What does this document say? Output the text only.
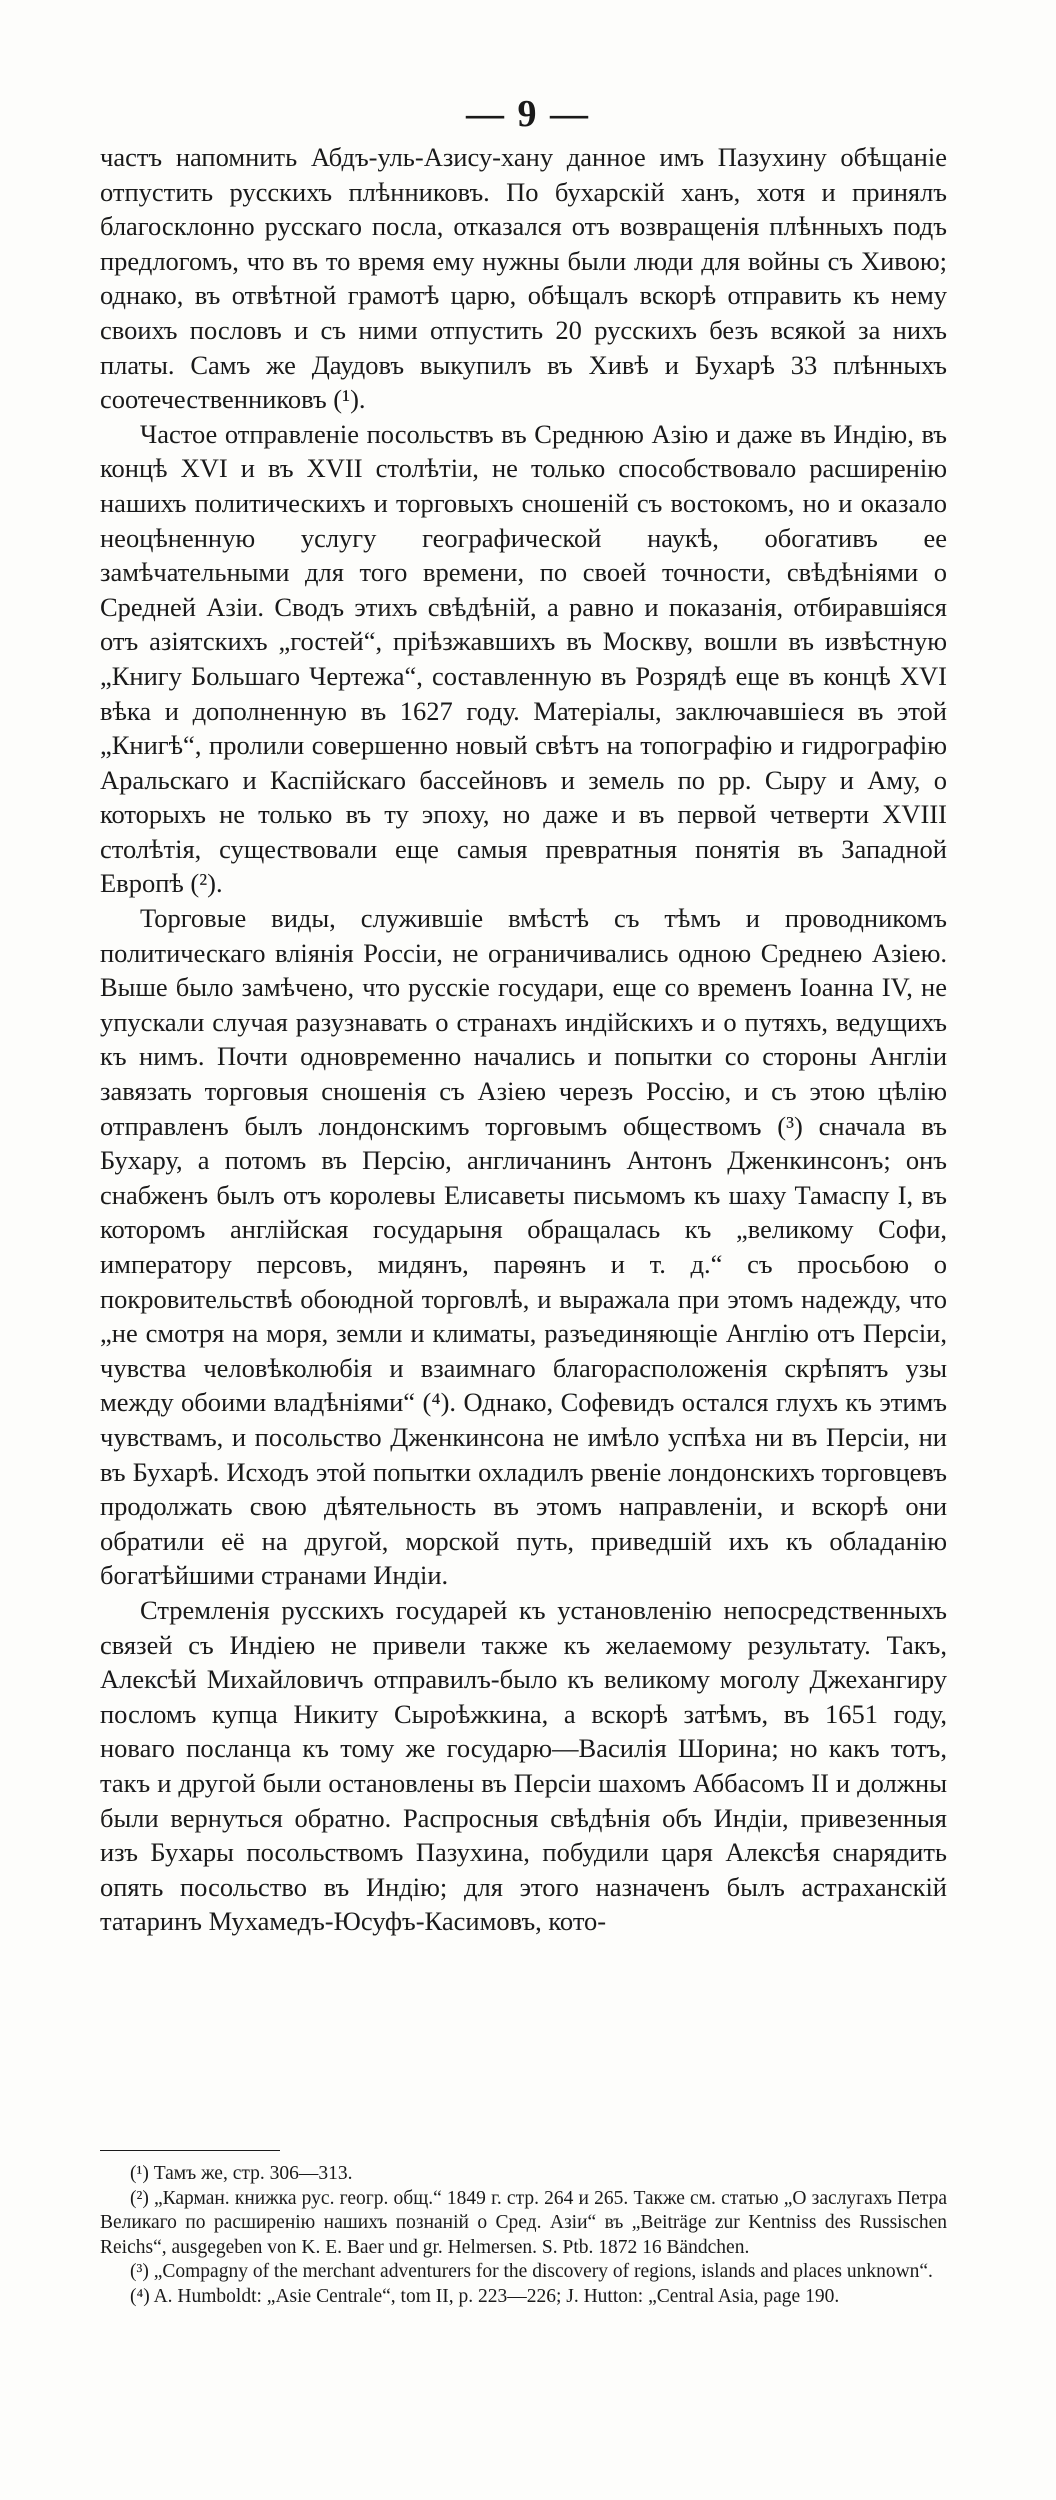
— 9 —

частъ напомнить Абдъ-уль-Азису-хану данное имъ Пазухину обѣщаніе отпустить русскихъ плѣнниковъ. По бухарскій ханъ, хотя и принялъ благосклонно русскаго посла, отказался отъ возвращенія плѣнныхъ подъ предлогомъ, что въ то время ему нужны были люди для войны съ Хивою; однако, въ отвѣтной грамотѣ царю, обѣщалъ вскорѣ отправить къ нему своихъ пословъ и съ ними отпустить 20 русскихъ безъ всякой за нихъ платы. Самъ же Даудовъ выкупилъ въ Хивѣ и Бухарѣ 33 плѣнныхъ соотечественниковъ (¹).

Частое отправленіе посольствъ въ Среднюю Азію и даже въ Индію, въ концѣ XVI и въ XVII столѣтіи, не только способствовало расширенію нашихъ политическихъ и торговыхъ сношеній съ востокомъ, но и оказало неоцѣненную услугу географической наукѣ, обогативъ ее замѣчательными для того времени, по своей точности, свѣдѣніями о Средней Азіи. Сводъ этихъ свѣдѣній, а равно и показанія, отбиравшіяся отъ азіятскихъ „гостей“, пріѣзжавшихъ въ Москву, вошли въ извѣстную „Книгу Большаго Чертежа“, составленную въ Розрядѣ еще въ концѣ XVI вѣка и дополненную въ 1627 году. Матеріалы, заключавшіеся въ этой „Книгѣ“, пролили совершенно новый свѣтъ на топографію и гидрографію Аральскаго и Каспійскаго бассейновъ и земель по рр. Сыру и Аму, о которыхъ не только въ ту эпоху, но даже и въ первой четверти XVIII столѣтія, существовали еще самыя превратныя понятія въ Западной Европѣ (²).

Торговые виды, служившіе вмѣстѣ съ тѣмъ и проводникомъ политическаго вліянія Россіи, не ограничивались одною Среднею Азіею. Выше было замѣчено, что русскіе государи, еще со временъ Іоанна IV, не упускали случая разузнавать о странахъ индійскихъ и о путяхъ, ведущихъ къ нимъ. Почти одновременно начались и попытки со стороны Англіи завязать торговыя сношенія съ Азіею черезъ Россію, и съ этою цѣлію отправленъ былъ лондонскимъ торговымъ обществомъ (³) сначала въ Бухару, а потомъ въ Персію, англичанинъ Антонъ Дженкинсонъ; онъ снабженъ былъ отъ королевы Елисаветы письмомъ къ шаху Тамаспу I, въ которомъ англійская государыня обращалась къ „великому Софи, императору персовъ, мидянъ, парѳянъ и т. д.“ съ просьбою о покровительствѣ обоюдной торговлѣ, и выражала при этомъ надежду, что „не смотря на моря, земли и климаты, разъединяющіе Англію отъ Персіи, чувства человѣколюбія и взаимнаго благорасположенія скрѣпятъ узы между обоими владѣніями“ (⁴). Однако, Софевидъ остался глухъ къ этимъ чувствамъ, и посольство Дженкинсона не имѣло успѣха ни въ Персіи, ни въ Бухарѣ. Исходъ этой попытки охладилъ рвеніе лондонскихъ торговцевъ продолжать свою дѣятельность въ этомъ направленіи, и вскорѣ они обратили её на другой, морской путь, приведшій ихъ къ обладанію богатѣйшими странами Индіи.

Стремленія русскихъ государей къ установленію непосредственныхъ связей съ Индіею не привели также къ желаемому результату. Такъ, Алексѣй Михайловичъ отправилъ-было къ великому моголу Джехангиру посломъ купца Никиту Сыроѣжкина, а вскорѣ затѣмъ, въ 1651 году, новаго посланца къ тому же государю—Василія Шорина; но какъ тотъ, такъ и другой были остановлены въ Персіи шахомъ Аббасомъ II и должны были вернуться обратно. Распросныя свѣдѣнія объ Индіи, привезенныя изъ Бухары посольствомъ Пазухина, побудили царя Алексѣя снарядить опять посольство въ Индію; для этого назначенъ былъ астраханскій татаринъ Мухамедъ-Юсуфъ-Касимовъ, кото-

(¹) Тамъ же, стр. 306—313.

(²) „Карман. книжка рус. геогр. общ.“ 1849 г. стр. 264 и 265. Также см. статью „О заслугахъ Петра Великаго по расширенію нашихъ познаній о Сред. Азіи“ въ „Beiträge zur Kentniss des Russischen Reichs“, ausgegeben von K. E. Baer und gr. Helmersen. S. Ptb. 1872 16 Bändchen.

(³) „Compagny of the merchant adventurers for the discovery of regions, islands and places unknown“.

(⁴) A. Humboldt: „Asie Centrale“, tom II, p. 223—226; J. Hutton: „Central Asia, page 190.
